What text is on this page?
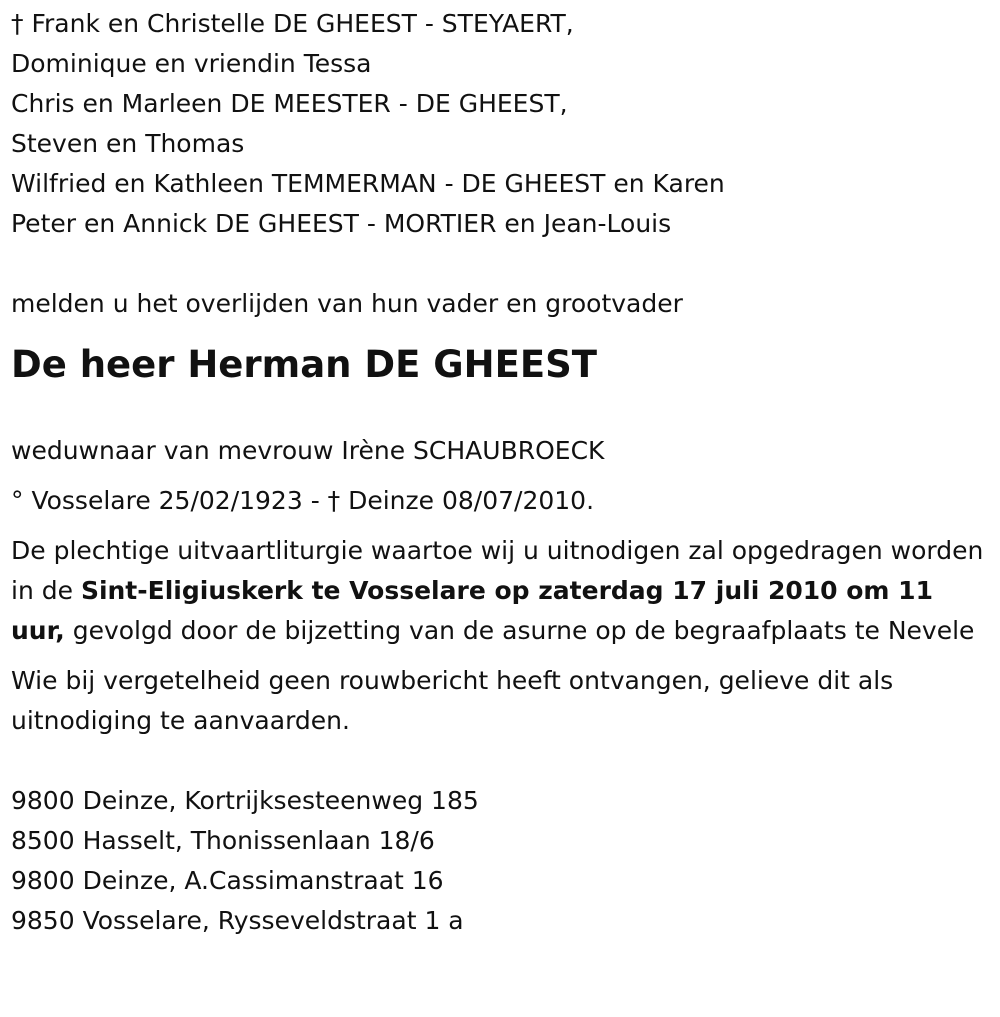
† Frank en Christelle DE GHEEST - STEYAERT,
Dominique en vriendin Tessa
Chris en Marleen DE MEESTER - DE GHEEST,
Steven en Thomas
Wilfried en Kathleen TEMMERMAN - DE GHEEST en Karen
Peter en Annick DE GHEEST - MORTIER en Jean-Louis
melden u het overlijden van hun vader en grootvader
De heer Herman DE GHEEST
weduwnaar van mevrouw Irène SCHAUBROECK
° Vosselare 25/02/1923 - † Deinze 08/07/2010.
De plechtige uitvaartliturgie waartoe wij u uitnodigen zal opgedragen worden in de Sint-Eligiuskerk te Vosselare op zaterdag 17 juli 2010 om 11 uur, gevolgd door de bijzetting van de asurne op de begraafplaats te Nevele
Wie bij vergetelheid geen rouwbericht heeft ontvangen, gelieve dit als uitnodiging te aanvaarden.
9800 Deinze, Kortrijksesteenweg 185
8500 Hasselt, Thonissenlaan 18/6
9800 Deinze, A.Cassimanstraat 16
9850 Vosselare, Rysseveldstraat 1 a
